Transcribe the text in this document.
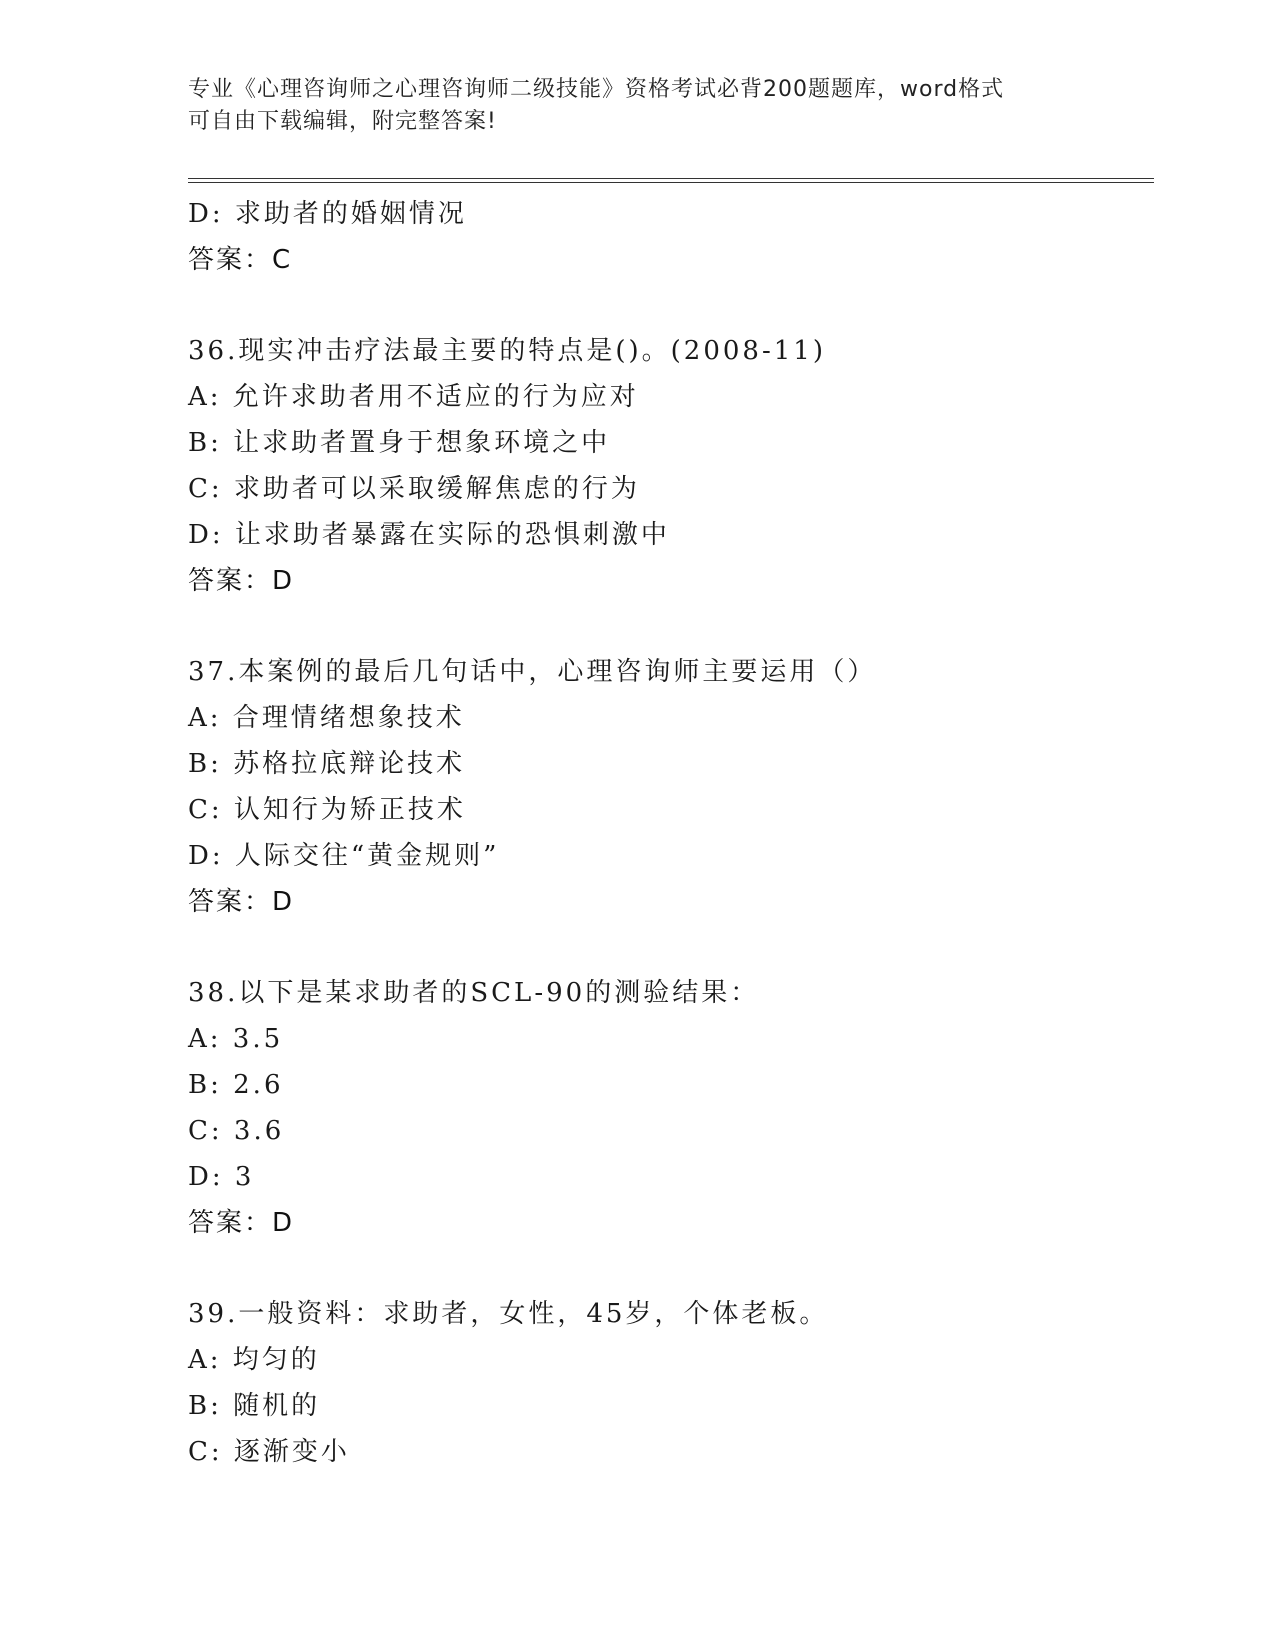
专业《心理咨询师之心理咨询师二级技能》资格考试必背200题题库，word格式
可自由下载编辑，附完整答案!
D: 求助者的婚姻情况
答案：C
36.现实冲击疗法最主要的特点是()。(2008-11)
A: 允许求助者用不适应的行为应对
B: 让求助者置身于想象环境之中
C: 求助者可以采取缓解焦虑的行为
D: 让求助者暴露在实际的恐惧刺激中
答案：D
37.本案例的最后几句话中，心理咨询师主要运用（）
A: 合理情绪想象技术
B: 苏格拉底辩论技术
C: 认知行为矫正技术
D: 人际交往“黄金规则”
答案：D
38.以下是某求助者的SCL-90的测验结果：
A: 3.5
B: 2.6
C: 3.6
D: 3
答案：D
39.一般资料：求助者，女性，45岁，个体老板。
A: 均匀的
B: 随机的
C: 逐渐变小
